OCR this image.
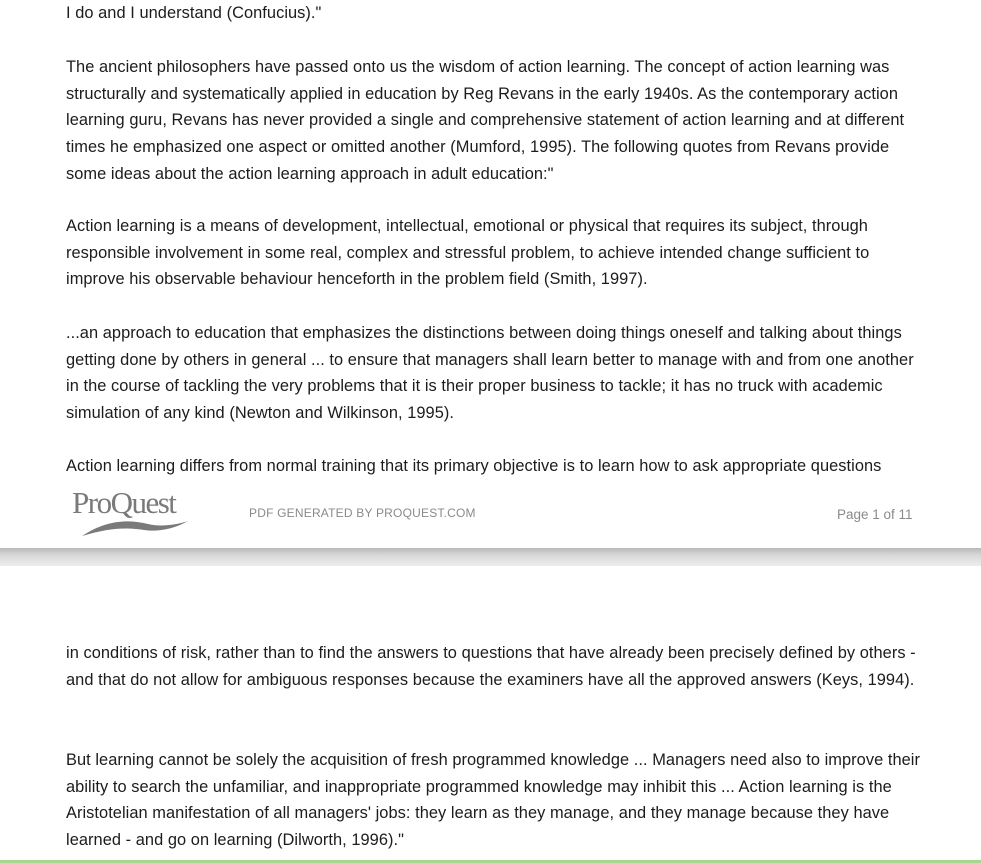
I do and I understand (Confucius)."

The ancient philosophers have passed onto us the wisdom of action learning. The concept of action learning was structurally and systematically applied in education by Reg Revans in the early 1940s. As the contemporary action learning guru, Revans has never provided a single and comprehensive statement of action learning and at different times he emphasized one aspect or omitted another (Mumford, 1995). The following quotes from Revans provide some ideas about the action learning approach in adult education:"

Action learning is a means of development, intellectual, emotional or physical that requires its subject, through responsible involvement in some real, complex and stressful problem, to achieve intended change sufficient to improve his observable behaviour henceforth in the problem field (Smith, 1997).

...an approach to education that emphasizes the distinctions between doing things oneself and talking about things getting done by others in general ... to ensure that managers shall learn better to manage with and from one another in the course of tackling the very problems that it is their proper business to tackle; it has no truck with academic simulation of any kind (Newton and Wilkinson, 1995).

Action learning differs from normal training that its primary objective is to learn how to ask appropriate questions

ProQuest	PDF GENERATED BY PROQUEST.COM	Page 1 of 11

in conditions of risk, rather than to find the answers to questions that have already been precisely defined by others - and that do not allow for ambiguous responses because the examiners have all the approved answers (Keys, 1994).

But learning cannot be solely the acquisition of fresh programmed knowledge ... Managers need also to improve their ability to search the unfamiliar, and inappropriate programmed knowledge may inhibit this ... Action learning is the Aristotelian manifestation of all managers' jobs: they learn as they manage, and they manage because they have learned - and go on learning (Dilworth, 1996)."
